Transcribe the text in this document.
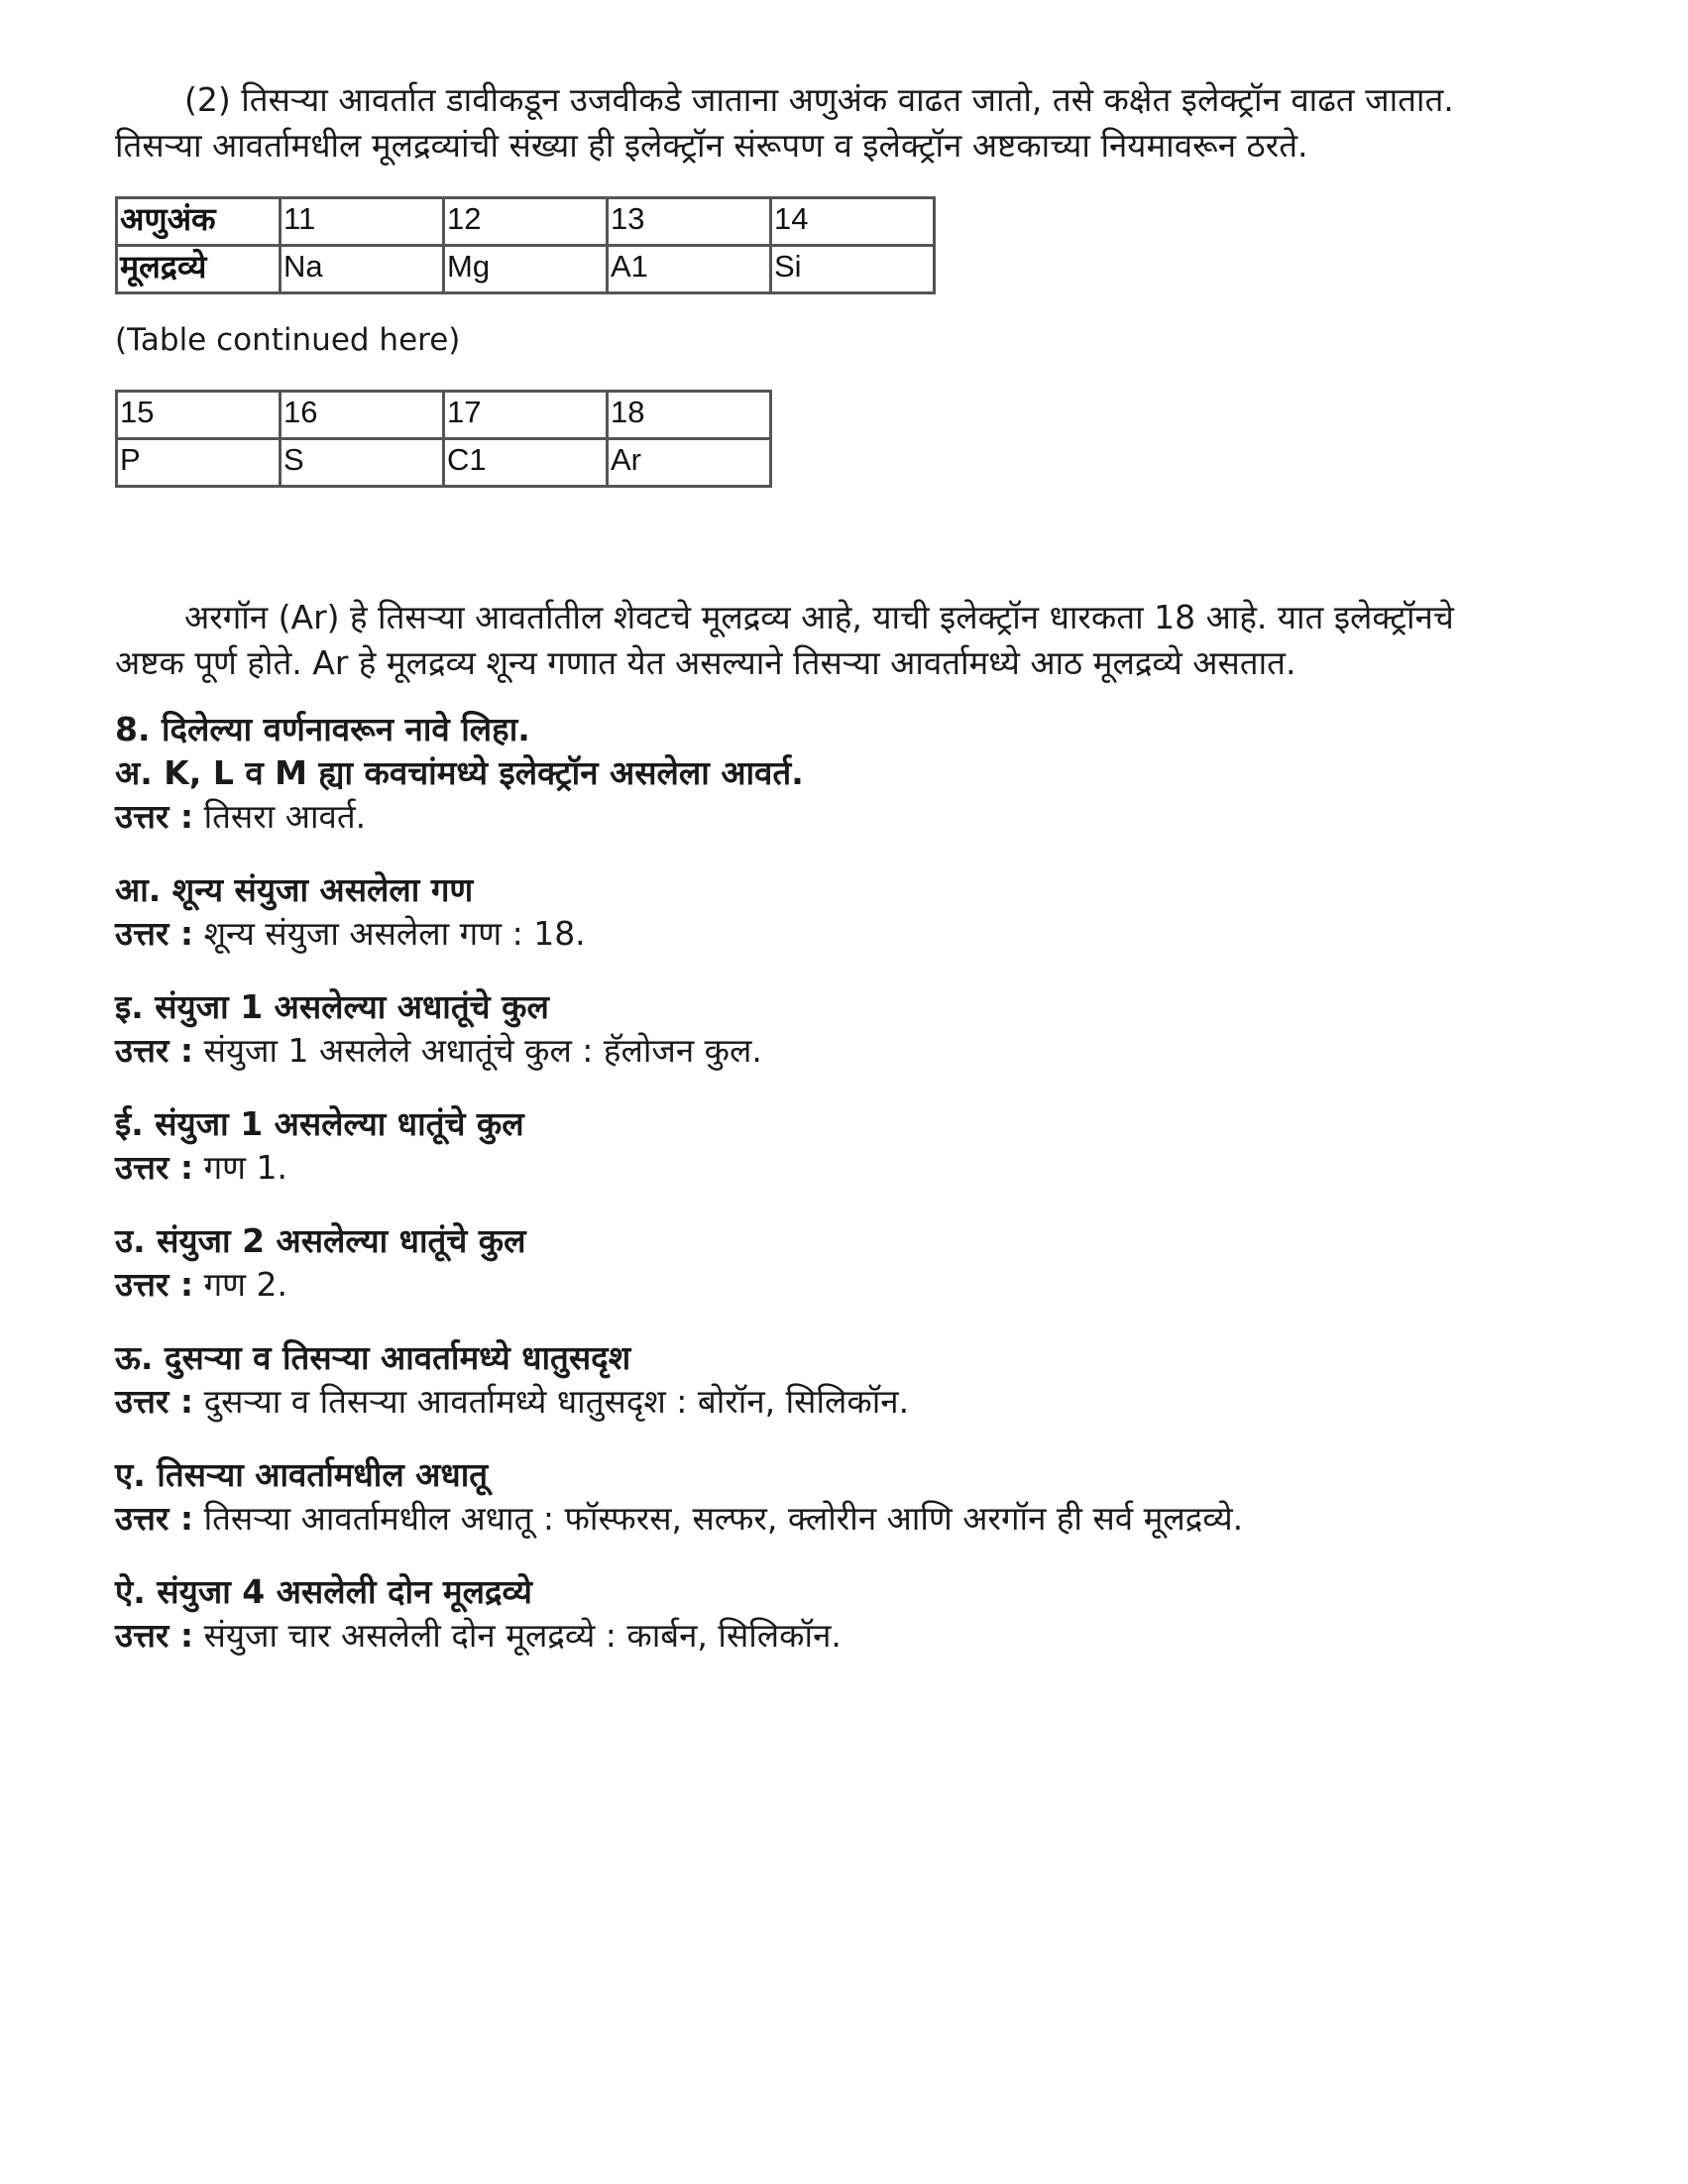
(2) तिसऱ्या आवर्तात डावीकडून उजवीकडे जाताना अणुअंक वाढत जातो, तसे कक्षेत इलेक्ट्रॉन वाढत जातात. तिसऱ्या आवर्तामधील मूलद्रव्यांची संख्या ही इलेक्ट्रॉन संरूपण व इलेक्ट्रॉन अष्टकाच्या नियमावरून ठरते.

अणुअंक	11	12	13	14
मूलद्रव्ये	Na	Mg	A1	Si

(Table continued here)

15	16	17	18
P	S	C1	Ar

अरगॉन (Ar) हे तिसऱ्या आवर्तातील शेवटचे मूलद्रव्य आहे, याची इलेक्ट्रॉन धारकता 18 आहे. यात इलेक्ट्रॉनचे अष्टक पूर्ण होते. Ar हे मूलद्रव्य शून्य गणात येत असल्याने तिसऱ्या आवर्तामध्ये आठ मूलद्रव्ये असतात.

8. दिलेल्या वर्णनावरून नावे लिहा.

अ. K, L व M ह्या कवचांमध्ये इलेक्ट्रॉन असलेला आवर्त.

उत्तर : तिसरा आवर्त.

आ. शून्य संयुजा असलेला गण

उत्तर : शून्य संयुजा असलेला गण : 18.

इ. संयुजा 1 असलेल्या अधातूंचे कुल

उत्तर : संयुजा 1 असलेले अधातूंचे कुल : हॅलोजन कुल.

ई. संयुजा 1 असलेल्या धातूंचे कुल

उत्तर : गण 1.

उ. संयुजा 2 असलेल्या धातूंचे कुल

उत्तर : गण 2.

ऊ. दुसऱ्या व तिसऱ्या आवर्तामध्ये धातुसदृश

उत्तर : दुसऱ्या व तिसऱ्या आवर्तामध्ये धातुसदृश : बोरॉन, सिलिकॉन.

ए. तिसऱ्या आवर्तामधील अधातू

उत्तर : तिसऱ्या आवर्तामधील अधातू : फॉस्फरस, सल्फर, क्लोरीन आणि अरगॉन ही सर्व मूलद्रव्ये.

ऐ. संयुजा 4 असलेली दोन मूलद्रव्ये

उत्तर : संयुजा चार असलेली दोन मूलद्रव्ये : कार्बन, सिलिकॉन.
